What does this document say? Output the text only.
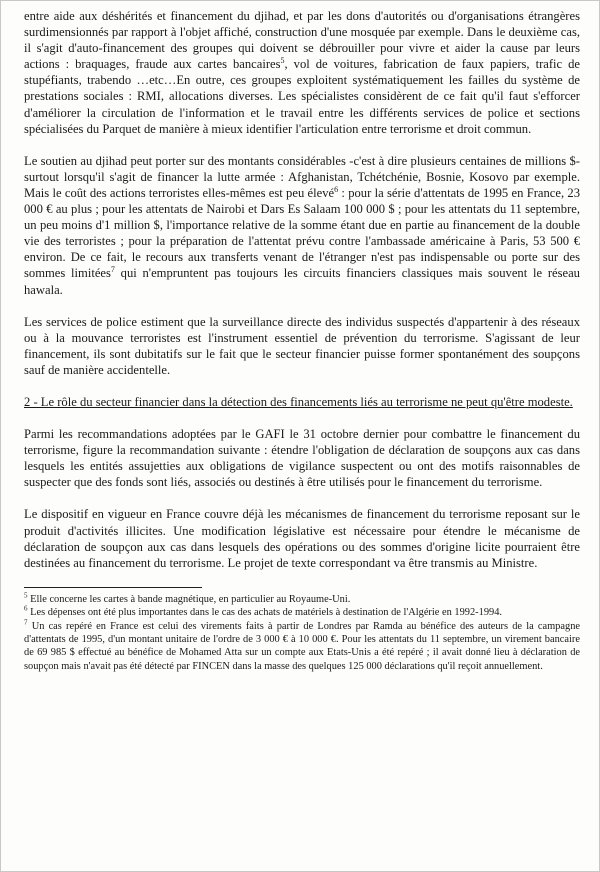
entre aide aux déshérités et financement du djihad, et par les dons d'autorités ou d'organisations étrangères surdimensionnés par rapport à l'objet affiché, construction d'une mosquée par exemple. Dans le deuxième cas, il s'agit d'auto-financement des groupes qui doivent se débrouiller pour vivre et aider la cause par leurs actions : braquages, fraude aux cartes bancaires$^5$, vol de voitures, fabrication de faux papiers, trafic de stupéfiants, trabendo …etc…En outre, ces groupes exploitent systématiquement les failles du système de prestations sociales : RMI, allocations diverses. Les spécialistes considèrent de ce fait qu'il faut s'efforcer d'améliorer la circulation de l'information et le travail entre les différents services de police et sections spécialisées du Parquet de manière à mieux identifier l'articulation entre terrorisme et droit commun.

Le soutien au djihad peut porter sur des montants considérables -c'est à dire plusieurs centaines de millions $- surtout lorsqu'il s'agit de financer la lutte armée : Afghanistan, Tchétchénie, Bosnie, Kosovo par exemple. Mais le coût des actions terroristes elles-mêmes est peu élevé$^6$ : pour la série d'attentats de 1995 en France, 23 000 € au plus ; pour les attentats de Nairobi et Dars Es Salaam 100 000 $ ; pour les attentats du 11 septembre, un peu moins d'1 million $, l'importance relative de la somme étant due en partie au financement de la double vie des terroristes ; pour la préparation de l'attentat prévu contre l'ambassade américaine à Paris, 53 500 € environ. De ce fait, le recours aux transferts venant de l'étranger n'est pas indispensable ou porte sur des sommes limitées$^7$ qui n'empruntent pas toujours les circuits financiers classiques mais souvent le réseau hawala.

Les services de police estiment que la surveillance directe des individus suspectés d'appartenir à des réseaux ou à la mouvance terroristes est l'instrument essentiel de prévention du terrorisme. S'agissant de leur financement, ils sont dubitatifs sur le fait que le secteur financier puisse former spontanément des soupçons sauf de manière accidentelle.

2 - Le rôle du secteur financier dans la détection des financements liés au terrorisme ne peut qu'être modeste.

Parmi les recommandations adoptées par le GAFI le 31 octobre dernier pour combattre le financement du terrorisme, figure la recommandation suivante : étendre l'obligation de déclaration de soupçons aux cas dans lesquels les entités assujetties aux obligations de vigilance suspectent ou ont des motifs raisonnables de suspecter que des fonds sont liés, associés ou destinés à être utilisés pour le financement du terrorisme.

Le dispositif en vigueur en France couvre déjà les mécanismes de financement du terrorisme reposant sur le produit d'activités illicites. Une modification législative est nécessaire pour étendre le mécanisme de déclaration de soupçon aux cas dans lesquels des opérations ou des sommes d'origine licite pourraient être destinées au financement du terrorisme. Le projet de texte correspondant va être transmis au Ministre.

$^5$ Elle concerne les cartes à bande magnétique, en particulier au Royaume-Uni.

$^6$ Les dépenses ont été plus importantes dans le cas des achats de matériels à destination de l'Algérie en 1992-1994.

$^7$ Un cas repéré en France est celui des virements faits à partir de Londres par Ramda au bénéfice des auteurs de la campagne d'attentats de 1995, d'un montant unitaire de l'ordre de 3 000 € à 10 000 €. Pour les attentats du 11 septembre, un virement bancaire de 69 985 $ effectué au bénéfice de Mohamed Atta sur un compte aux Etats-Unis a été repéré ; il avait donné lieu à déclaration de soupçon mais n'avait pas été détecté par FINCEN dans la masse des quelques 125 000 déclarations qu'il reçoit annuellement.
